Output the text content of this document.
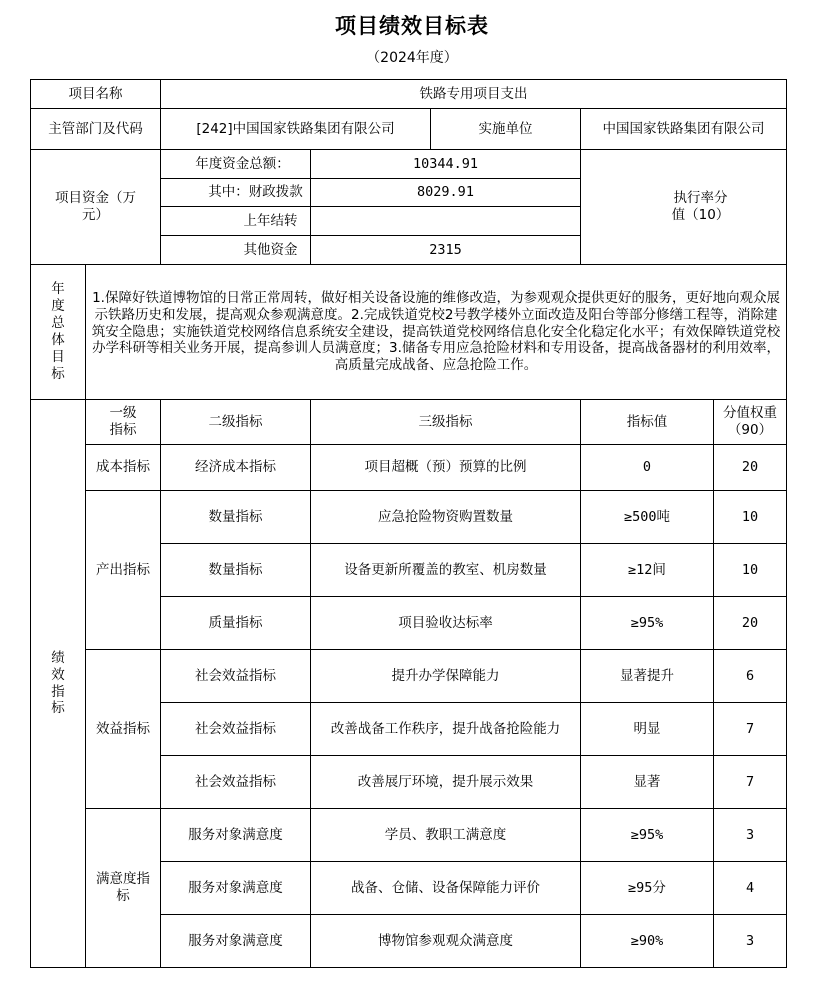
项目绩效目标表
（2024年度）
项目名称		铁路专用项目支出				
主管部门及代码		[242]中国国家铁路集团有限公司		实施单位	中国国家铁路集团有限公司	
项目资金（万元）		年度资金总额：	10344.91		执行率分值（10）	
		其中：财政拨款	8029.91			
		上年结转				
		其他资金	2315			
年度总体目标	1.保障好铁道博物馆的日常正常周转，做好相关设备设施的维修改造，为参观观众提供更好的服务，更好地向观众展示铁路历史和发展，提高观众参观满意度。2.完成铁道党校2号教学楼外立面改造及阳台等部分修缮工程等，消除建筑安全隐患；实施铁道党校网络信息系统安全建设，提高铁道党校网络信息化安全化稳定化水平；有效保障铁道党校办学科研等相关业务开展，提高参训人员满意度；3.储备专用应急抢险材料和专用设备，提高战备器材的利用效率，高质量完成战备、应急抢险工作。					
绩效指标	一级指标	二级指标	三级指标		指标值	分值权重（90）
	成本指标	经济成本指标	项目超概（预）预算的比例		0	20
	产出指标	数量指标	应急抢险物资购置数量		≥500吨	10
		数量指标	设备更新所覆盖的教室、机房数量		≥12间	10
		质量指标	项目验收达标率		≥95%	20
	效益指标	社会效益指标	提升办学保障能力		显著提升	6
		社会效益指标	改善战备工作秩序，提升战备抢险能力		明显	7
		社会效益指标	改善展厅环境，提升展示效果		显著	7
	满意度指标	服务对象满意度	学员、教职工满意度		≥95%	3
		服务对象满意度	战备、仓储、设备保障能力评价		≥95分	4
		服务对象满意度	博物馆参观观众满意度		≥90%	3
